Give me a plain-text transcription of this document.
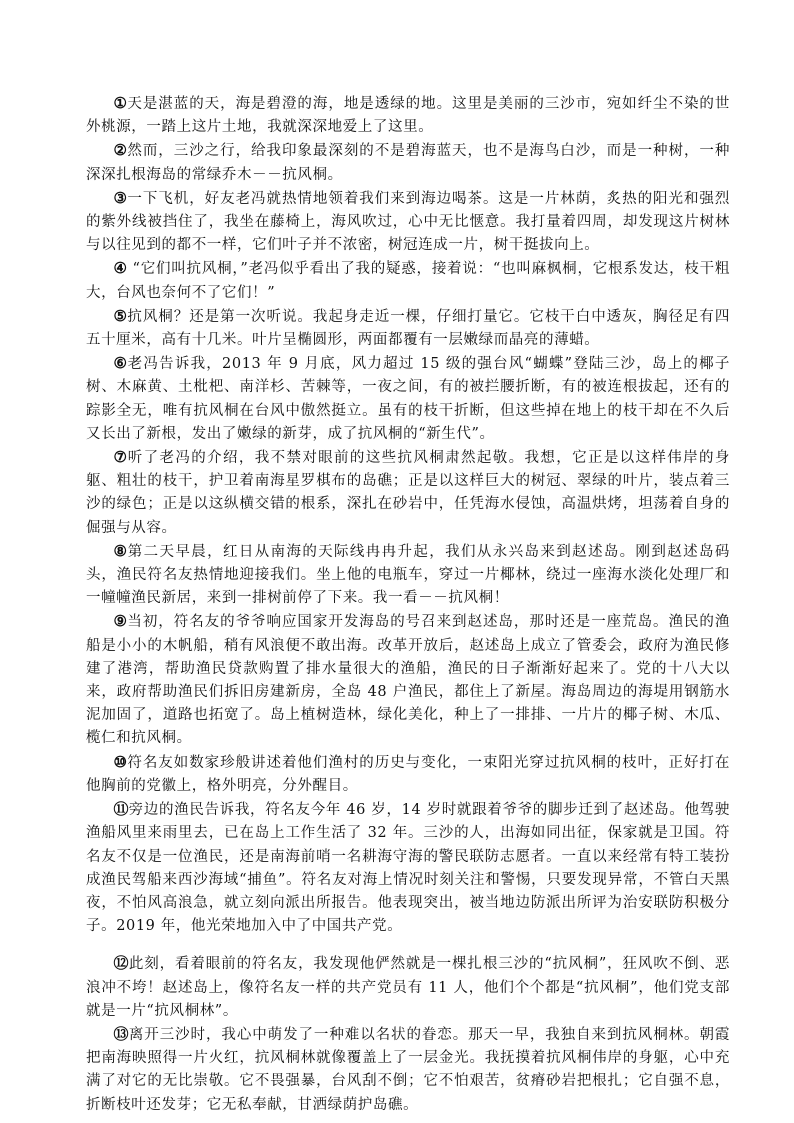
①天是湛蓝的天，海是碧澄的海，地是透绿的地。这里是美丽的三沙市，宛如纤尘不染的世外桃源，一踏上这片土地，我就深深地爱上了这里。

②然而，三沙之行，给我印象最深刻的不是碧海蓝天，也不是海鸟白沙，而是一种树，一种深深扎根海岛的常绿乔木－－抗风桐。

③一下飞机，好友老冯就热情地领着我们来到海边喝茶。这是一片林荫，炙热的阳光和强烈的紫外线被挡住了，我坐在藤椅上，海风吹过，心中无比惬意。我打量着四周，却发现这片树林与以往见到的都不一样，它们叶子并不浓密，树冠连成一片，树干挺拔向上。

④ “它们叫抗风桐，”老冯似乎看出了我的疑惑，接着说：“也叫麻枫桐，它根系发达，枝干粗大，台风也奈何不了它们！”

⑤抗风桐？还是第一次听说。我起身走近一棵，仔细打量它。它枝干白中透灰，胸径足有四五十厘米，高有十几米。叶片呈椭圆形，两面都覆有一层嫩绿而晶亮的薄蜡。

⑥老冯告诉我，2013 年 9 月底，风力超过 15 级的强台风“蝴蝶”登陆三沙，岛上的椰子树、木麻黄、土枇杷、南洋杉、苦棘等，一夜之间，有的被拦腰折断，有的被连根拔起，还有的踪影全无，唯有抗风桐在台风中傲然挺立。虽有的枝干折断，但这些掉在地上的枝干却在不久后又长出了新根，发出了嫩绿的新芽，成了抗风桐的“新生代”。

⑦听了老冯的介绍，我不禁对眼前的这些抗风桐肃然起敬。我想，它正是以这样伟岸的身躯、粗壮的枝干，护卫着南海星罗棋布的岛礁；正是以这样巨大的树冠、翠绿的叶片，装点着三沙的绿色；正是以这纵横交错的根系，深扎在砂岩中，任凭海水侵蚀，高温烘烤，坦荡着自身的倔强与从容。

⑧第二天早晨，红日从南海的天际线冉冉升起，我们从永兴岛来到赵述岛。刚到赵述岛码头，渔民符名友热情地迎接我们。坐上他的电瓶车，穿过一片椰林，绕过一座海水淡化处理厂和一幢幢渔民新居，来到一排树前停了下来。我一看－－抗风桐！

⑨当初，符名友的爷爷响应国家开发海岛的号召来到赵述岛，那时还是一座荒岛。渔民的渔船是小小的木帆船，稍有风浪便不敢出海。改革开放后，赵述岛上成立了管委会，政府为渔民修建了港湾，帮助渔民贷款购置了排水量很大的渔船，渔民的日子渐渐好起来了。党的十八大以来，政府帮助渔民们拆旧房建新房，全岛 48 户渔民，都住上了新屋。海岛周边的海堤用钢筋水泥加固了，道路也拓宽了。岛上植树造林，绿化美化，种上了一排排、一片片的椰子树、木瓜、榄仁和抗风桐。

⑩符名友如数家珍般讲述着他们渔村的历史与变化，一束阳光穿过抗风桐的枝叶，正好打在他胸前的党徽上，格外明亮，分外醒目。

⑪旁边的渔民告诉我，符名友今年 46 岁，14 岁时就跟着爷爷的脚步迁到了赵述岛。他驾驶渔船风里来雨里去，已在岛上工作生活了 32 年。三沙的人，出海如同出征，保家就是卫国。符名友不仅是一位渔民，还是南海前哨一名耕海守海的警民联防志愿者。一直以来经常有特工装扮成渔民驾船来西沙海域“捕鱼”。符名友对海上情况时刻关注和警惕，只要发现异常，不管白天黑夜，不怕风高浪急，就立刻向派出所报告。他表现突出，被当地边防派出所评为治安联防积极分子。2019 年，他光荣地加入中了中国共产党。

⑫此刻，看着眼前的符名友，我发现他俨然就是一棵扎根三沙的“抗风桐”，狂风吹不倒、恶浪冲不垮！赵述岛上，像符名友一样的共产党员有 11 人，他们个个都是“抗风桐”，他们党支部就是一片“抗风桐林”。

⑬离开三沙时，我心中萌发了一种难以名状的眷恋。那天一早，我独自来到抗风桐林。朝霞把南海映照得一片火红，抗风桐林就像覆盖上了一层金光。我抚摸着抗风桐伟岸的身躯，心中充满了对它的无比崇敬。它不畏强暴，台风刮不倒；它不怕艰苦，贫瘠砂岩把根扎；它自强不息，折断枝叶还发芽；它无私奉献，甘洒绿荫护岛礁。
